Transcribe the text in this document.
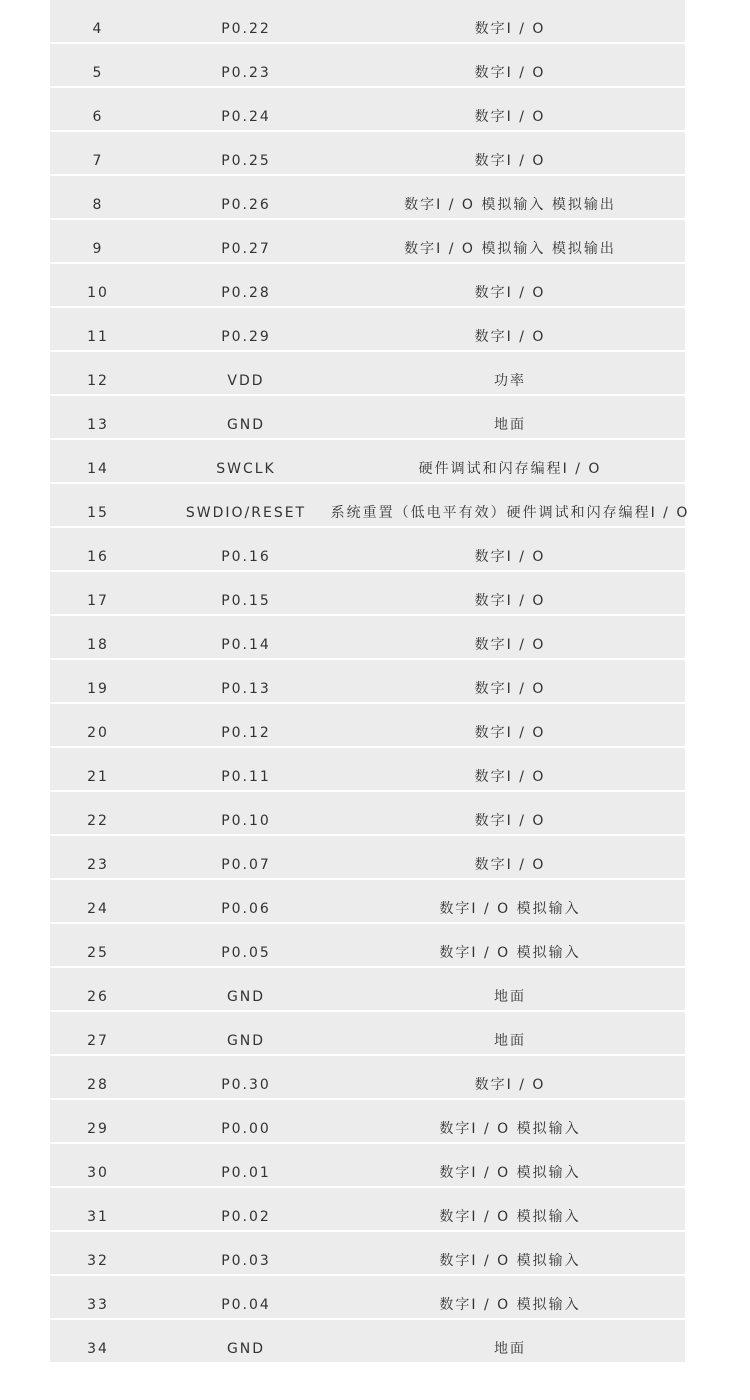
4	P0.22	数字I / O
5	P0.23	数字I / O
6	P0.24	数字I / O
7	P0.25	数字I / O
8	P0.26	数字I / O 模拟输入 模拟输出
9	P0.27	数字I / O 模拟输入 模拟输出
10	P0.28	数字I / O
11	P0.29	数字I / O
12	VDD	功率
13	GND	地面
14	SWCLK	硬件调试和闪存编程I / O
15	SWDIO/RESET	系统重置（低电平有效）硬件调试和闪存编程I / O
16	P0.16	数字I / O
17	P0.15	数字I / O
18	P0.14	数字I / O
19	P0.13	数字I / O
20	P0.12	数字I / O
21	P0.11	数字I / O
22	P0.10	数字I / O
23	P0.07	数字I / O
24	P0.06	数字I / O 模拟输入
25	P0.05	数字I / O 模拟输入
26	GND	地面
27	GND	地面
28	P0.30	数字I / O
29	P0.00	数字I / O 模拟输入
30	P0.01	数字I / O 模拟输入
31	P0.02	数字I / O 模拟输入
32	P0.03	数字I / O 模拟输入
33	P0.04	数字I / O 模拟输入
34	GND	地面
